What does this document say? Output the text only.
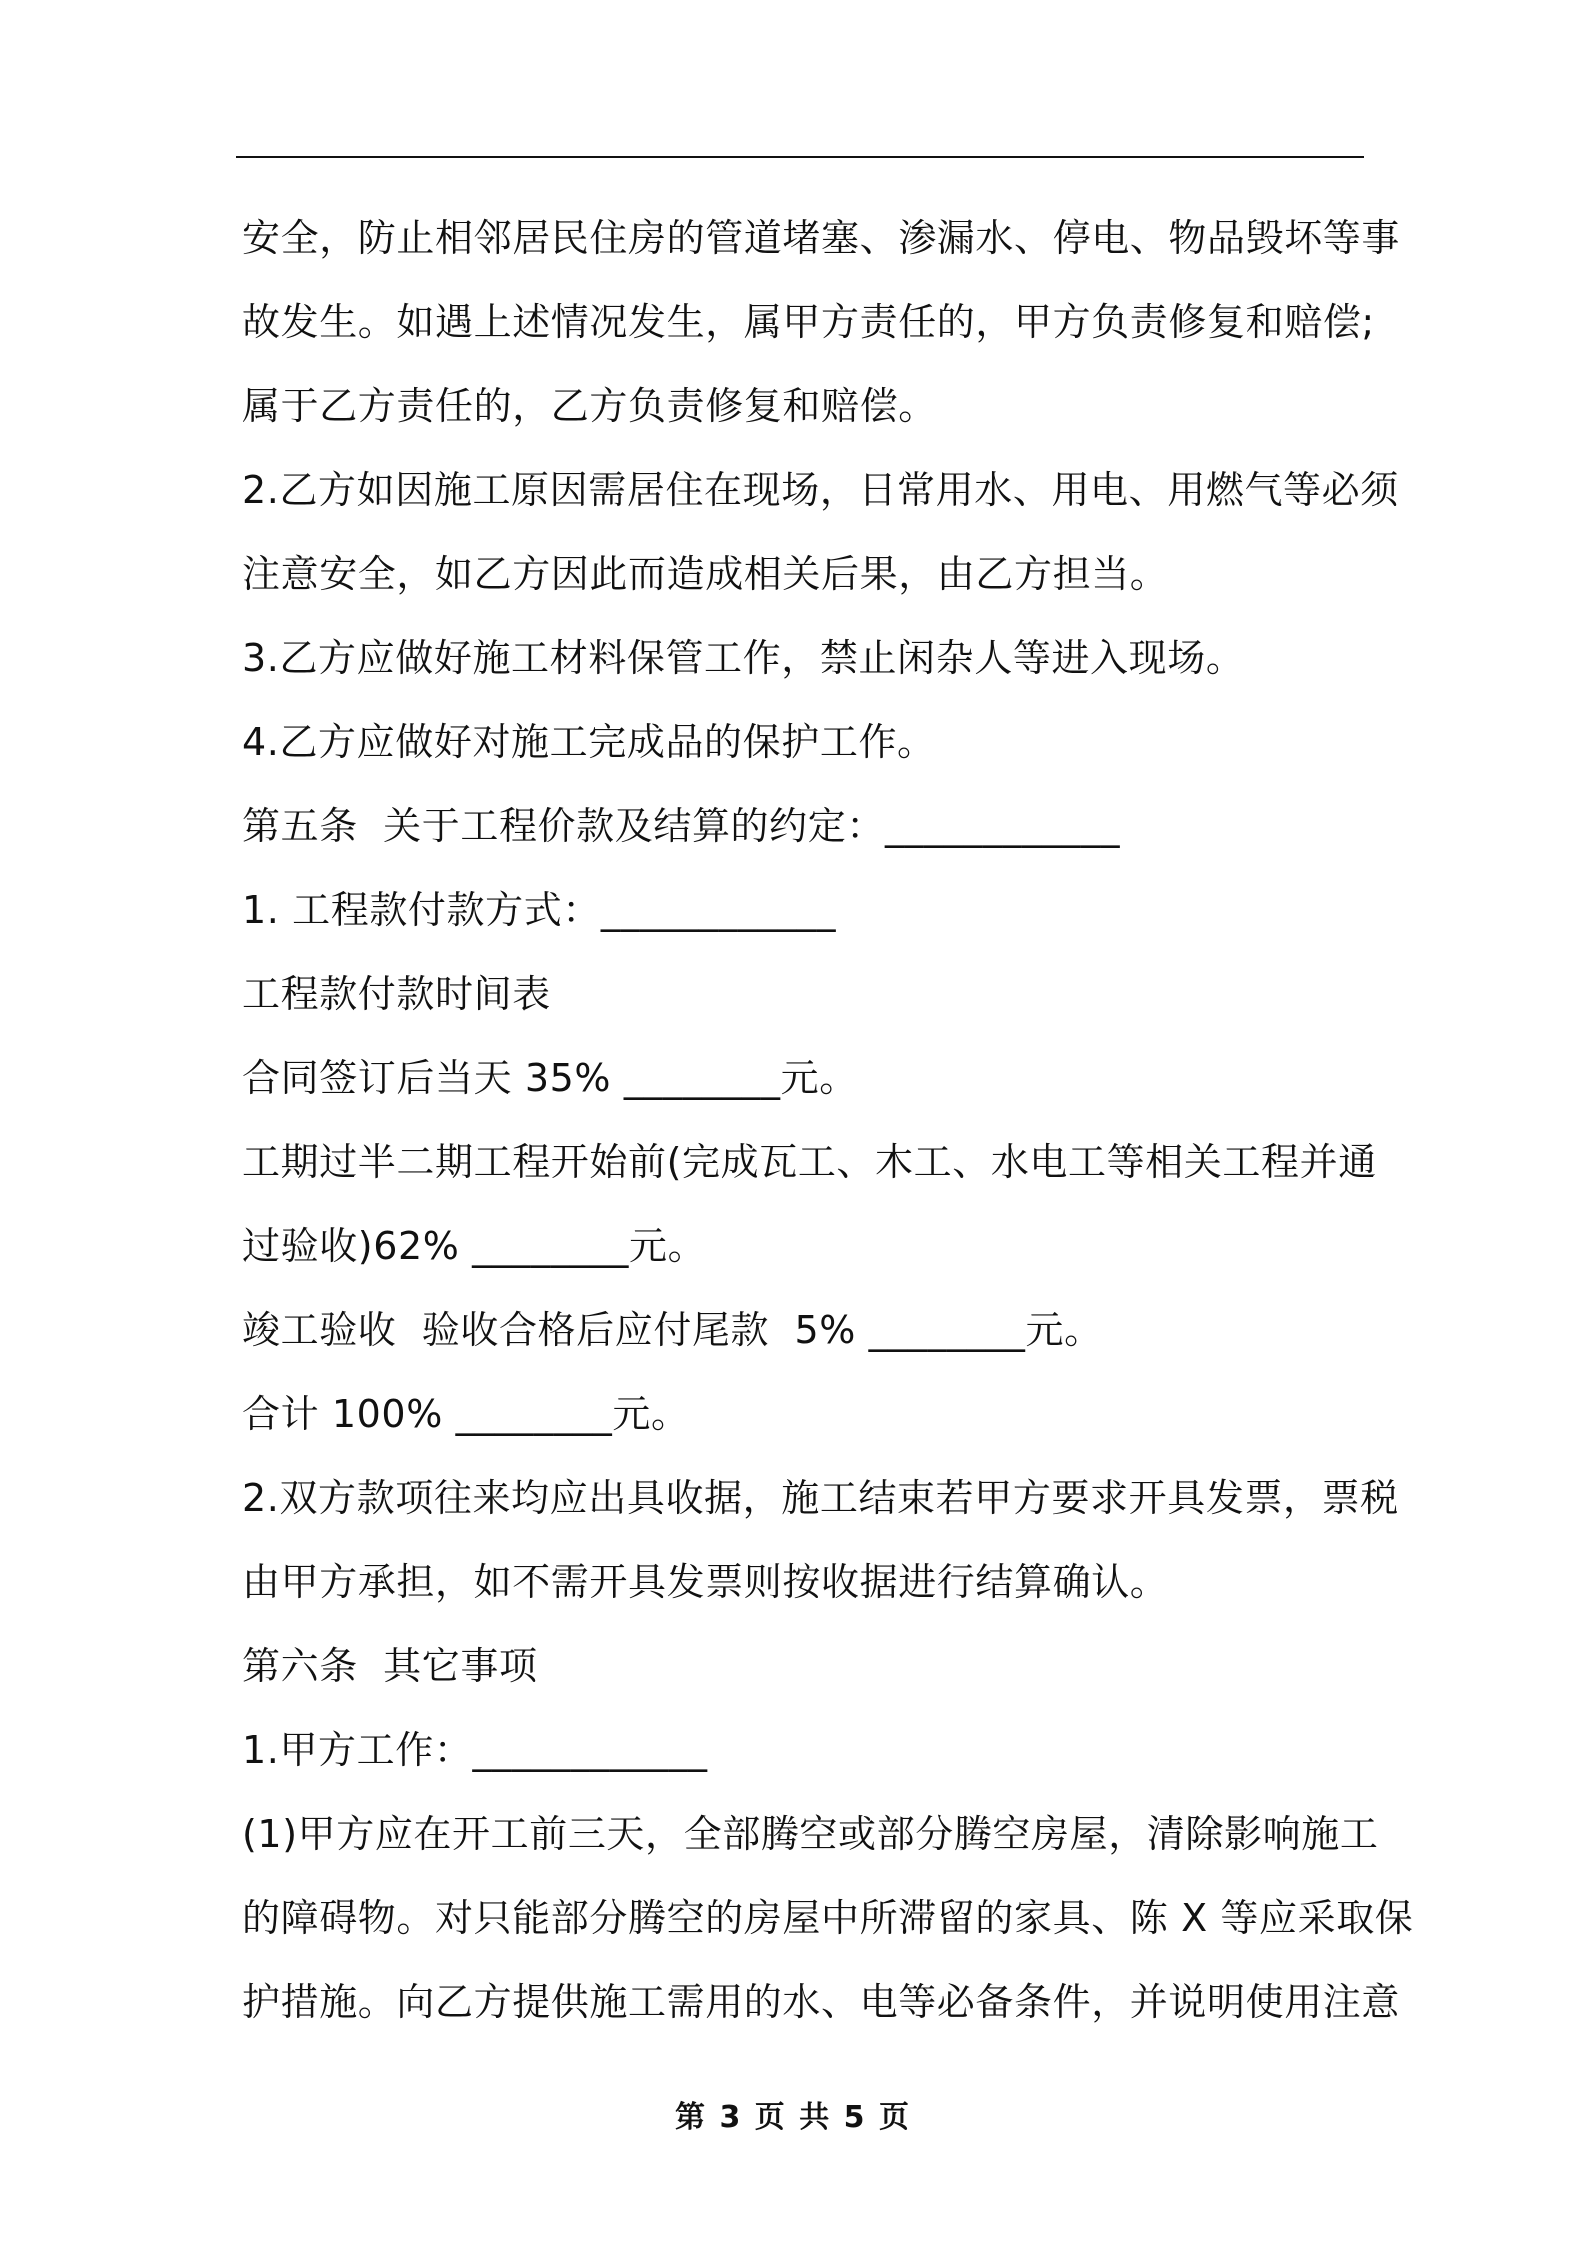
安全，防止相邻居民住房的管道堵塞、渗漏水、停电、物品毁坏等事
故发生。如遇上述情况发生，属甲方责任的，甲方负责修复和赔偿;
属于乙方责任的，乙方负责修复和赔偿。
2.乙方如因施工原因需居住在现场，日常用水、用电、用燃气等必须
注意安全，如乙方因此而造成相关后果，由乙方担当。
3.乙方应做好施工材料保管工作，禁止闲杂人等进入现场。
4.乙方应做好对施工完成品的保护工作。
第五条  关于工程价款及结算的约定：____________
1. 工程款付款方式：____________
工程款付款时间表
合同签订后当天 35% ________元。
工期过半二期工程开始前(完成瓦工、木工、水电工等相关工程并通
过验收)62% ________元。
竣工验收  验收合格后应付尾款  5% ________元。
合计 100% ________元。
2.双方款项往来均应出具收据，施工结束若甲方要求开具发票，票税
由甲方承担，如不需开具发票则按收据进行结算确认。
第六条  其它事项
1.甲方工作：____________
(1)甲方应在开工前三天，全部腾空或部分腾空房屋，清除影响施工
的障碍物。对只能部分腾空的房屋中所滞留的家具、陈 X 等应采取保
护措施。向乙方提供施工需用的水、电等必备条件，并说明使用注意
第 3 页 共 5 页
